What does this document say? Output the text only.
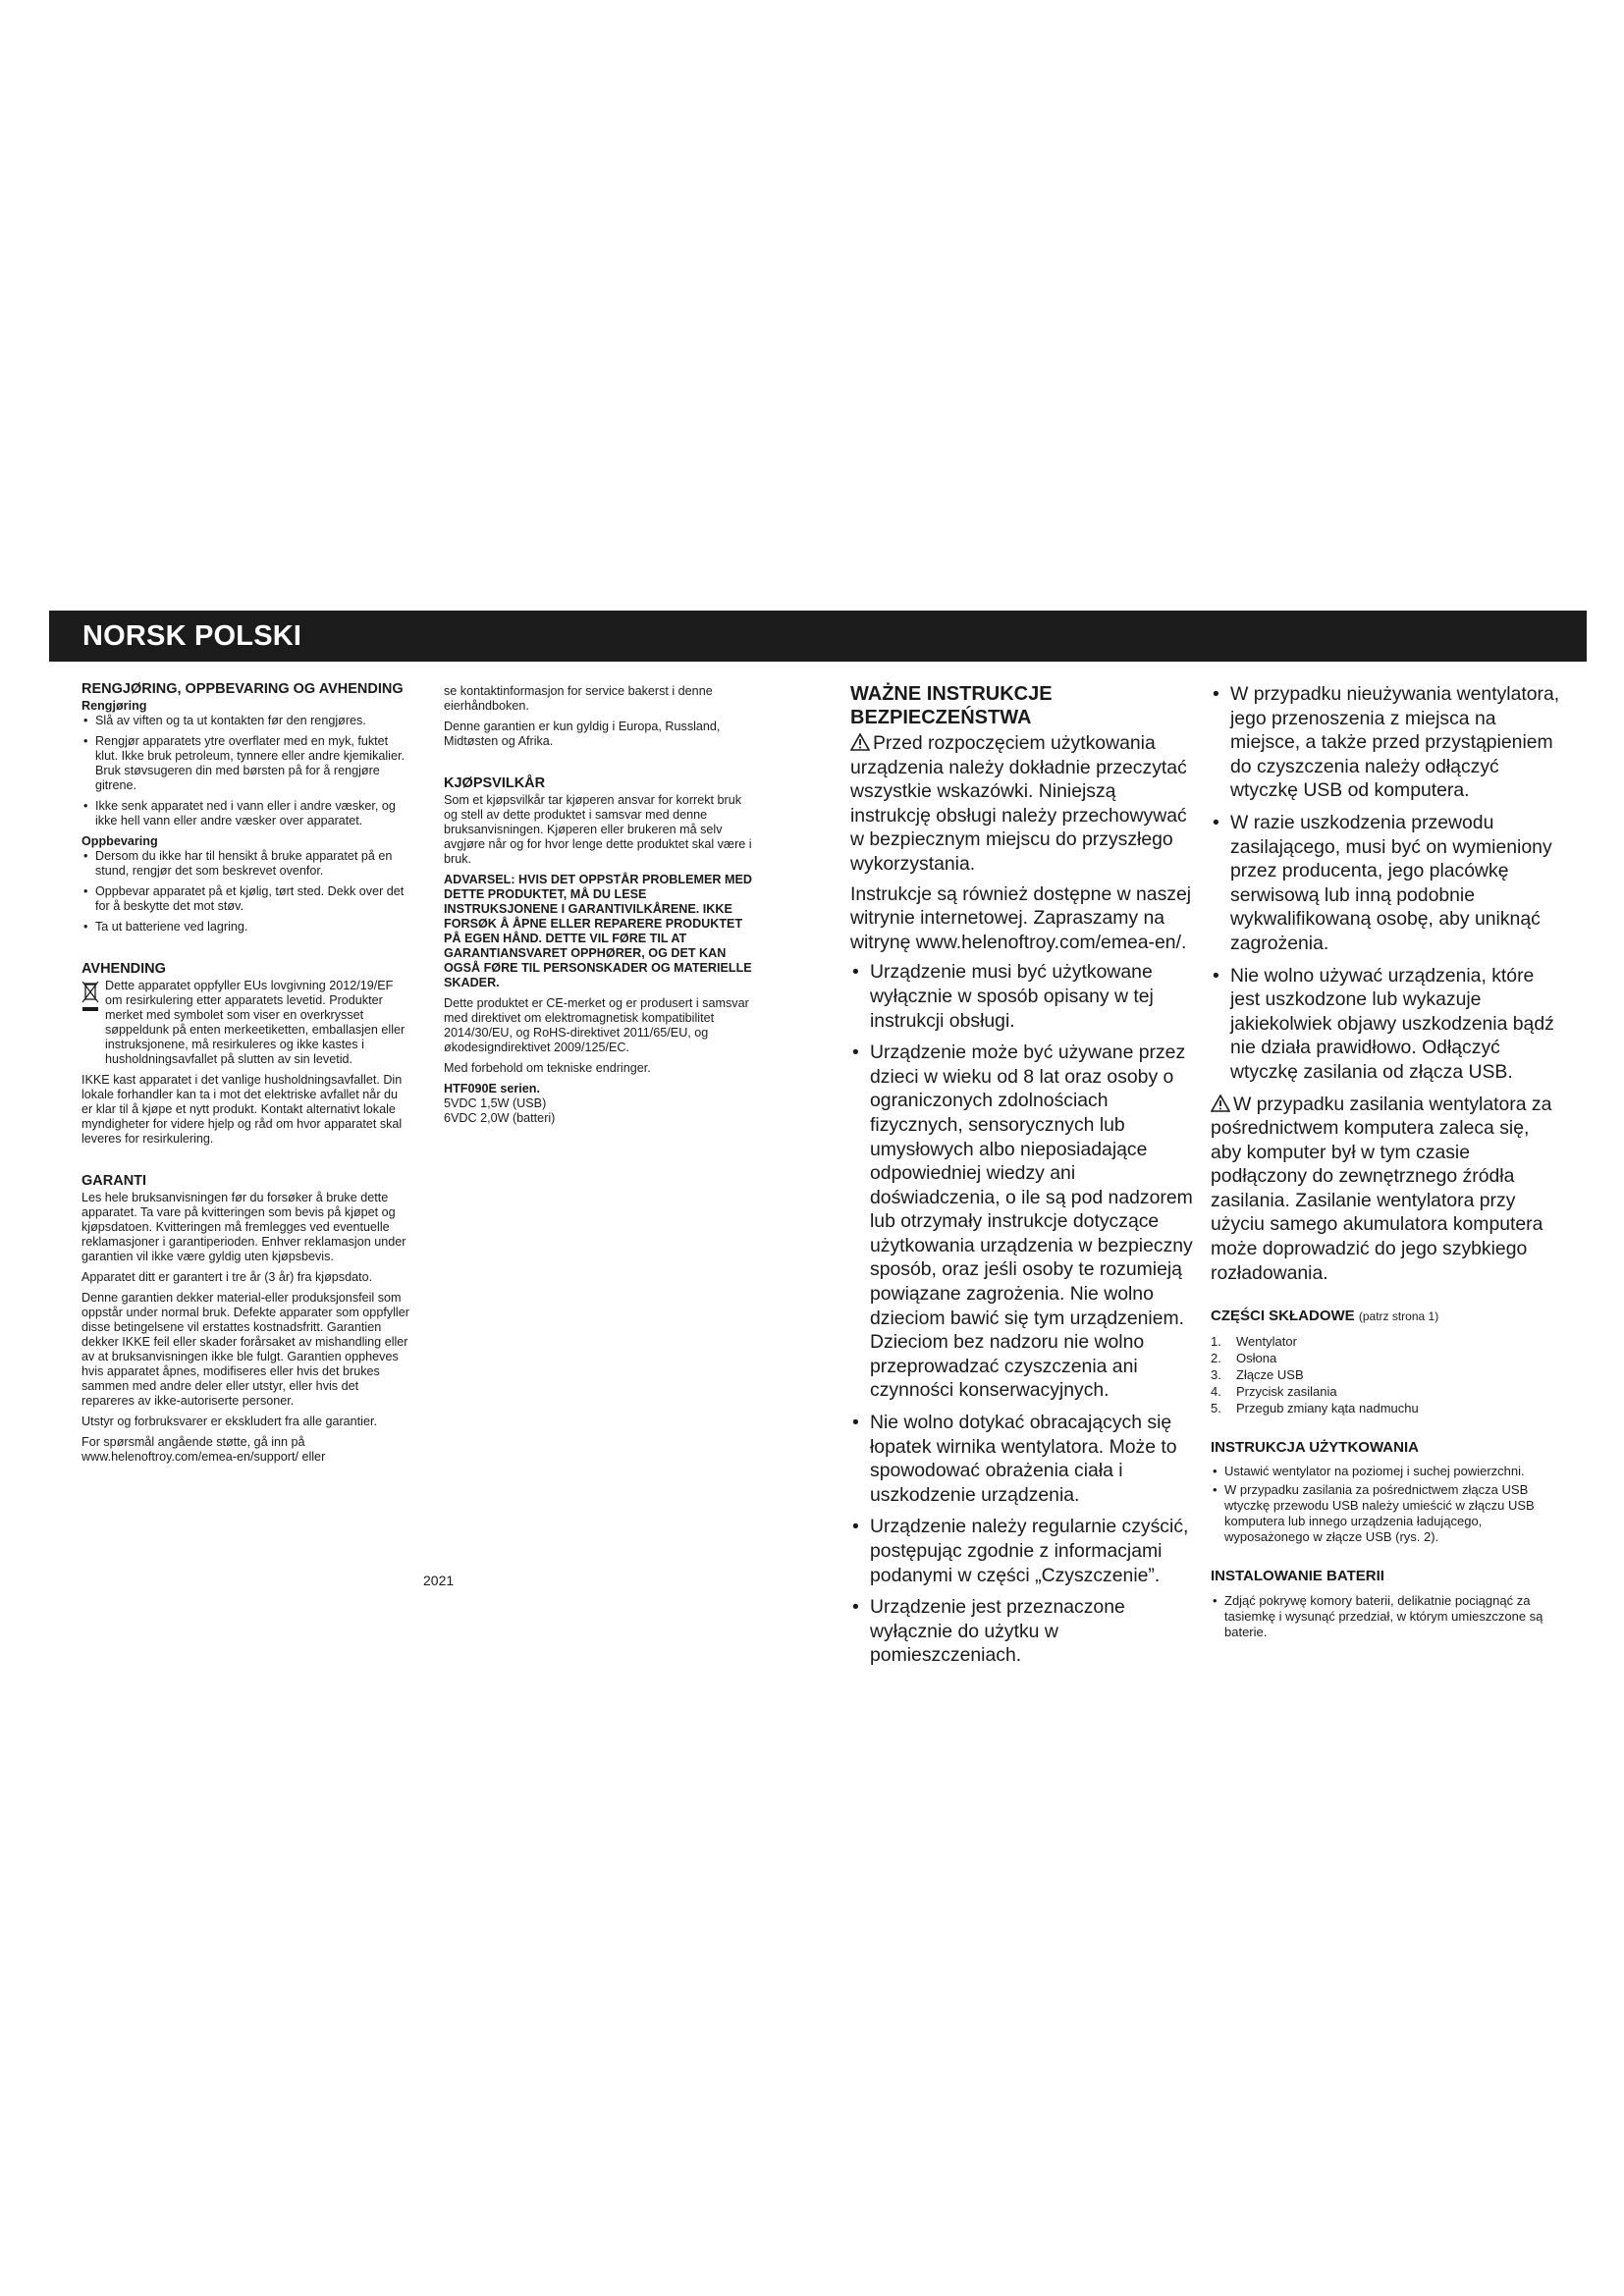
NORSK POLSKI
RENGJØRING, OPPBEVARING OG AVHENDING
Rengjøring
• Slå av viften og ta ut kontakten før den rengjøres.
• Rengjør apparatets ytre overflater med en myk, fuktet klut. Ikke bruk petroleum, tynnere eller andre kjemikalier. Bruk støvsugeren din med børsten på for å rengjøre gitrene.
• Ikke senk apparatet ned i vann eller i andre væsker, og ikke hell vann eller andre væsker over apparatet.
Oppbevaring
• Dersom du ikke har til hensikt å bruke apparatet på en stund, rengjør det som beskrevet ovenfor.
• Oppbevar apparatet på et kjølig, tørt sted. Dekk over det for å beskytte det mot støv.
• Ta ut batteriene ved lagring.
AVHENDING

Dette apparatet oppfyller EUs lovgivning 2012/19/EF om resirkulering etter apparatets levetid. Produkter merket med symbolet som viser en overkrysset søppeldunk på enten merkeetiketten, emballasjen eller instruksjonene, må resirkuleres og ikke kastes i husholdningsavfallet på slutten av sin levetid.

IKKE kast apparatet i det vanlige husholdningsavfallet. Din lokale forhandler kan ta i mot det elektriske avfallet når du er klar til å kjøpe et nytt produkt. Kontakt alternativt lokale myndigheter for videre hjelp og råd om hvor apparatet skal leveres for resirkulering.

GARANTI

Les hele bruksanvisningen før du forsøker å bruke dette apparatet. Ta vare på kvitteringen som bevis på kjøpet og kjøpsdatoen. Kvitteringen må fremlegges ved eventuelle reklamasjoner i garantiperioden. Enhver reklamasjon under garantien vil ikke være gyldig uten kjøpsbevis.

Apparatet ditt er garantert i tre år (3 år) fra kjøpsdato.

Denne garantien dekker material-eller produksjonsfeil som oppstår under normal bruk. Defekte apparater som oppfyller disse betingelsene vil erstattes kostnadsfritt. Garantien dekker IKKE feil eller skader forårsaket av mishandling eller av at bruksanvisningen ikke ble fulgt. Garantien oppheves hvis apparatet åpnes, modifiseres eller hvis det brukes sammen med andre deler eller utstyr, eller hvis det repareres av ikke-autoriserte personer.

Utstyr og forbruksvarer er ekskludert fra alle garantier.

For spørsmål angående støtte, gå inn på www.helenoftroy.com/emea-en/support/ eller

se kontaktinformasjon for service bakerst i denne eierhåndboken.

Denne garantien er kun gyldig i Europa, Russland, Midtøsten og Afrika.

KJØPSVILKÅR

Som et kjøpsvilkår tar kjøperen ansvar for korrekt bruk og stell av dette produktet i samsvar med denne bruksanvisningen. Kjøperen eller brukeren må selv avgjøre når og for hvor lenge dette produktet skal være i bruk.

ADVARSEL: HVIS DET OPPSTÅR PROBLEMER MED DETTE PRODUKTET, MÅ DU LESE INSTRUKSJONENE I GARANTIVILKÅRENE. IKKE FORSØK Å ÅPNE ELLER REPARERE PRODUKTET PÅ EGEN HÅND. DETTE VIL FØRE TIL AT GARANTIANSVARET OPPHØRER, OG DET KAN OGSÅ FØRE TIL PERSONSKADER OG MATERIELLE SKADER.

Dette produktet er CE-merket og er produsert i samsvar med direktivet om elektromagnetisk kompatibilitet 2014/30/EU, og RoHS-direktivet 2011/65/EU, og økodesigndirektivet 2009/125/EC.

Med forbehold om tekniske endringer.

HTF090E serien.
5VDC 1,5W (USB)
6VDC 2,0W (batteri)
WAŻNE INSTRUKCJE BEZPIECZEŃSTWA

Przed rozpoczęciem użytkowania urządzenia należy dokładnie przeczytać wszystkie wskazówki. Niniejszą instrukcję obsługi należy przechowywać w bezpiecznym miejscu do przyszłego wykorzystania.

Instrukcje są również dostępne w naszej witrynie internetowej. Zapraszamy na witrynę www.helenoftroy.com/emea-en/.

• Urządzenie musi być użytkowane wyłącznie w sposób opisany w tej instrukcji obsługi.
• Urządzenie może być używane przez dzieci w wieku od 8 lat oraz osoby o ograniczonych zdolnościach fizycznych, sensorycznych lub umysłowych albo nieposiadające odpowiedniej wiedzy ani doświadczenia, o ile są pod nadzorem lub otrzymały instrukcje dotyczące użytkowania urządzenia w bezpieczny sposób, oraz jeśli osoby te rozumieją powiązane zagrożenia. Nie wolno dzieciom bawić się tym urządzeniem. Dzieciom bez nadzoru nie wolno przeprowadzać czyszczenia ani czynności konserwacyjnych.
• Nie wolno dotykać obracających się łopatek wirnika wentylatora. Może to spowodować obrażenia ciała i uszkodzenie urządzenia.
• Urządzenie należy regularnie czyścić, postępując zgodnie z informacjami podanymi w części „Czyszczenie”.
• Urządzenie jest przeznaczone wyłącznie do użytku w pomieszczeniach.
• W przypadku nieużywania wentylatora, jego przenoszenia z miejsca na miejsce, a także przed przystąpieniem do czyszczenia należy odłączyć wtyczkę USB od komputera.
• W razie uszkodzenia przewodu zasilającego, musi być on wymieniony przez producenta, jego placówkę serwisową lub inną podobnie wykwalifikowaną osobę, aby uniknąć zagrożenia.
• Nie wolno używać urządzenia, które jest uszkodzone lub wykazuje jakiekolwiek objawy uszkodzenia bądź nie działa prawidłowo. Odłączyć wtyczkę zasilania od złącza USB.

W przypadku zasilania wentylatora za pośrednictwem komputera zaleca się, aby komputer był w tym czasie podłączony do zewnętrznego źródła zasilania. Zasilanie wentylatora przy użyciu samego akumulatora komputera może doprowadzić do jego szybkiego rozładowania.

CZĘŚCI SKŁADOWE (patrz strona 1)
1.	Wentylator
2.	Osłona
3.	Złącze USB
4.	Przycisk zasilania
5.	Przegub zmiany kąta nadmuchu
INSTRUKCJA UŻYTKOWANIA
• Ustawić wentylator na poziomej i suchej powierzchni.
• W przypadku zasilania za pośrednictwem złącza USB wtyczkę przewodu USB należy umieścić w złączu USB komputera lub innego urządzenia ładującego, wyposażonego w złącze USB (rys. 2).
INSTALOWANIE BATERII
• Zdjąć pokrywę komory baterii, delikatnie pociągnąć za tasiemkę i wysunąć przedział, w którym umieszczone są baterie.
2021
